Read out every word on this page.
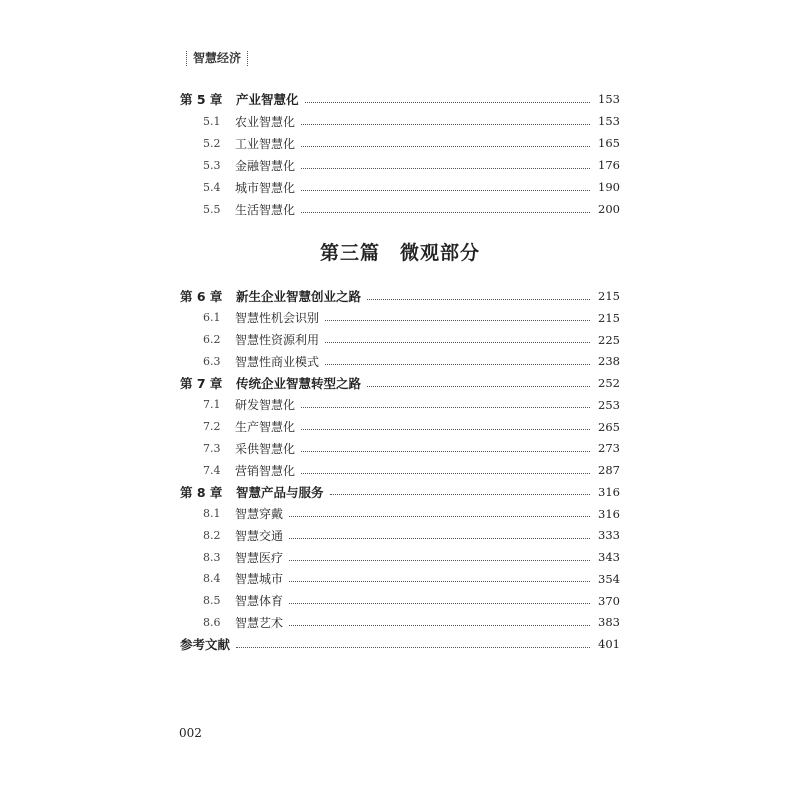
智慧经济
第 5 章	产业智慧化	153
5.1	农业智慧化	153
5.2	工业智慧化	165
5.3	金融智慧化	176
5.4	城市智慧化	190
5.5	生活智慧化	200
第三篇　微观部分
第 6 章	新生企业智慧创业之路	215
6.1	智慧性机会识别	215
6.2	智慧性资源利用	225
6.3	智慧性商业模式	238
第 7 章	传统企业智慧转型之路	252
7.1	研发智慧化	253
7.2	生产智慧化	265
7.3	采供智慧化	273
7.4	营销智慧化	287
第 8 章	智慧产品与服务	316
8.1	智慧穿戴	316
8.2	智慧交通	333
8.3	智慧医疗	343
8.4	智慧城市	354
8.5	智慧体育	370
8.6	智慧艺术	383
参考文献	401
002
